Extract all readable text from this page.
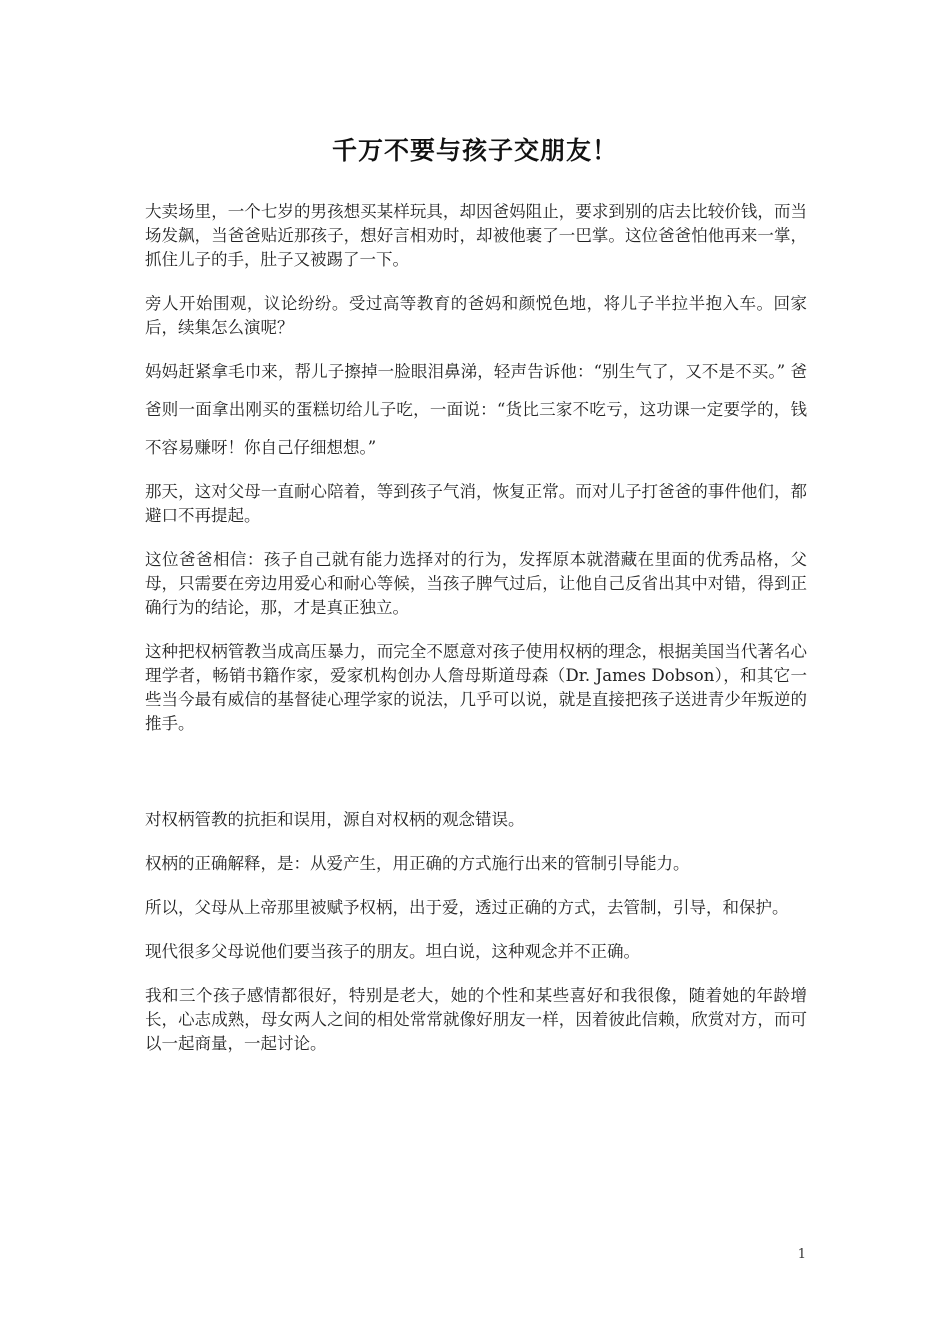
千万不要与孩子交朋友！

大卖场里，一个七岁的男孩想买某样玩具，却因爸妈阻止，要求到别的店去比较价钱，而当场发飙，当爸爸贴近那孩子，想好言相劝时，却被他裹了一巴掌。这位爸爸怕他再来一掌，抓住儿子的手，肚子又被踢了一下。

旁人开始围观，议论纷纷。受过高等教育的爸妈和颜悦色地，将儿子半拉半抱入车。回家后，续集怎么演呢？

妈妈赶紧拿毛巾来，帮儿子擦掉一脸眼泪鼻涕，轻声告诉他：“别生气了，又不是不买。” 爸爸则一面拿出刚买的蛋糕切给儿子吃，一面说：“货比三家不吃亏，这功课一定要学的，钱不容易赚呀！你自己仔细想想。”

那天，这对父母一直耐心陪着，等到孩子气消，恢复正常。而对儿子打爸爸的事件他们，都避口不再提起。

这位爸爸相信：孩子自己就有能力选择对的行为，发挥原本就潜藏在里面的优秀品格，父母，只需要在旁边用爱心和耐心等候，当孩子脾气过后，让他自己反省出其中对错，得到正确行为的结论，那，才是真正独立。

这种把权柄管教当成高压暴力，而完全不愿意对孩子使用权柄的理念，根据美国当代著名心理学者，畅销书籍作家，爱家机构创办人詹母斯道母森（Dr. James Dobson），和其它一些当今最有威信的基督徒心理学家的说法，几乎可以说，就是直接把孩子送进青少年叛逆的推手。

对权柄管教的抗拒和误用，源自对权柄的观念错误。

权柄的正确解释，是：从爱产生，用正确的方式施行出来的管制引导能力。

所以，父母从上帝那里被赋予权柄，出于爱，透过正确的方式，去管制，引导，和保护。

现代很多父母说他们要当孩子的朋友。坦白说，这种观念并不正确。

我和三个孩子感情都很好，特别是老大，她的个性和某些喜好和我很像，随着她的年龄增长，心志成熟，母女两人之间的相处常常就像好朋友一样，因着彼此信赖，欣赏对方，而可以一起商量，一起讨论。

1
